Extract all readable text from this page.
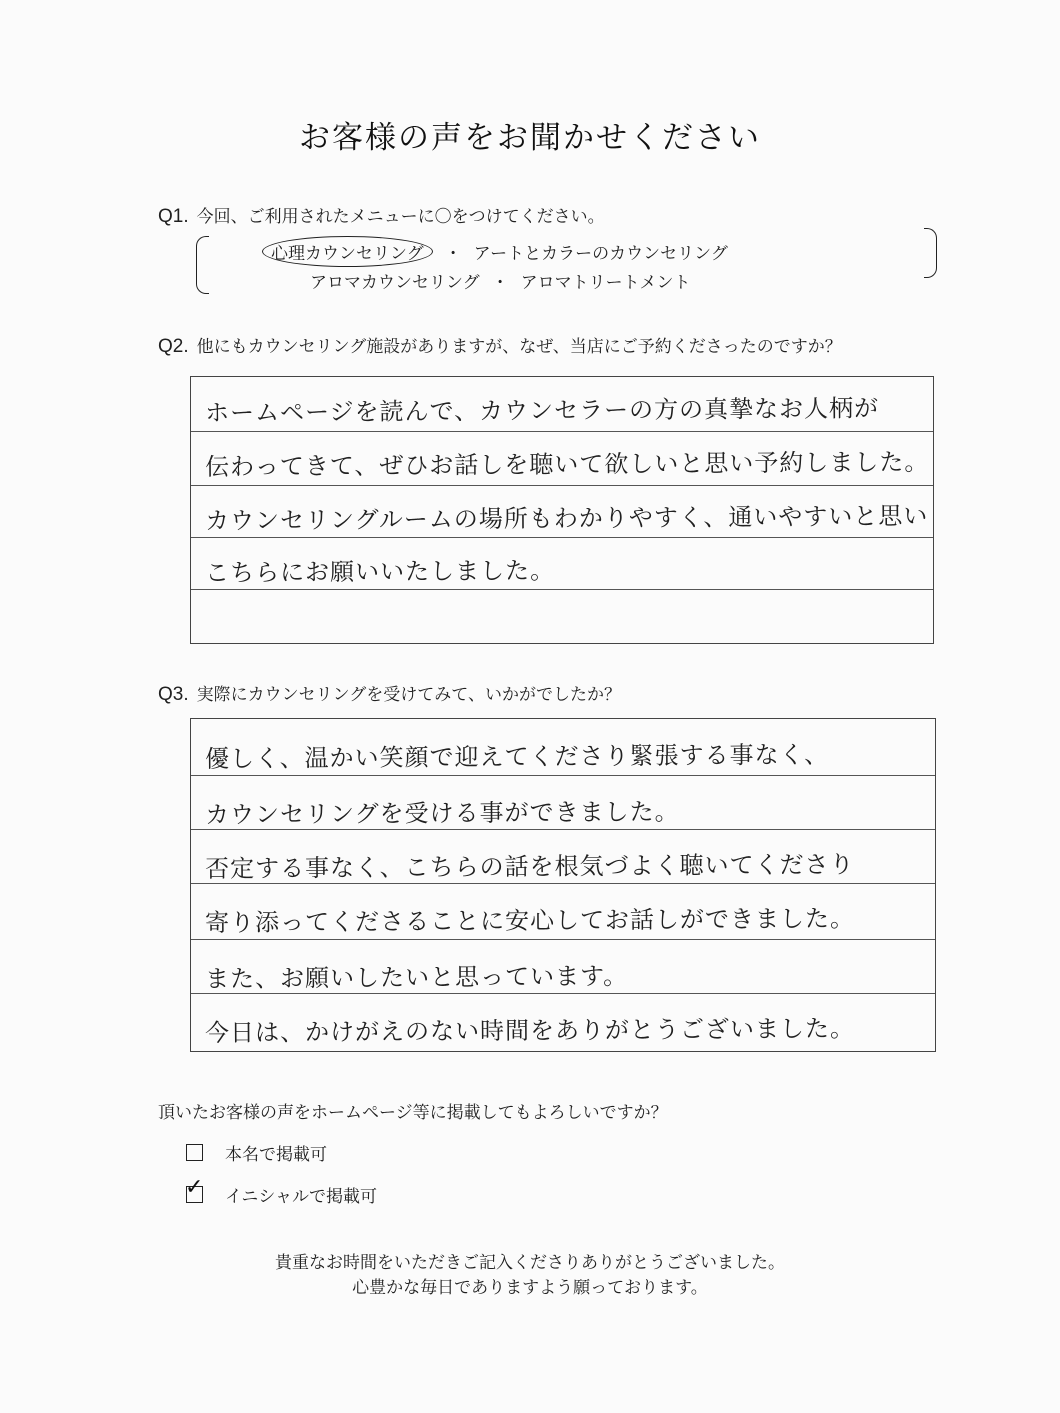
お客様の声をお聞かせください
Q1. 今回、ご利用されたメニューに〇をつけてください。
心理カウンセリング ・ アートとカラーのカウンセリング
アロマカウンセリング ・ アロマトリートメント
Q2. 他にもカウンセリング施設がありますが、なぜ、当店にご予約くださったのですか？
ホームページを読んで、カウンセラーの方の真摯なお人柄が
伝わってきて、ぜひお話しを聴いて欲しいと思い予約しました。
カウンセリングルームの場所もわかりやすく、通いやすいと思い
こちらにお願いいたしました。
Q3. 実際にカウンセリングを受けてみて、いかがでしたか？
優しく、温かい笑顔で迎えてくださり緊張する事なく、
カウンセリングを受ける事ができました。
否定する事なく、こちらの話を根気づよく聴いてくださり
寄り添ってくださることに安心してお話しができました。
また、お願いしたいと思っています。
今日は、かけがえのない時間をありがとうございました。
頂いたお客様の声をホームページ等に掲載してもよろしいですか？
本名で掲載可
✓ イニシャルで掲載可
貴重なお時間をいただきご記入くださりありがとうございました。
心豊かな毎日でありますよう願っております。
